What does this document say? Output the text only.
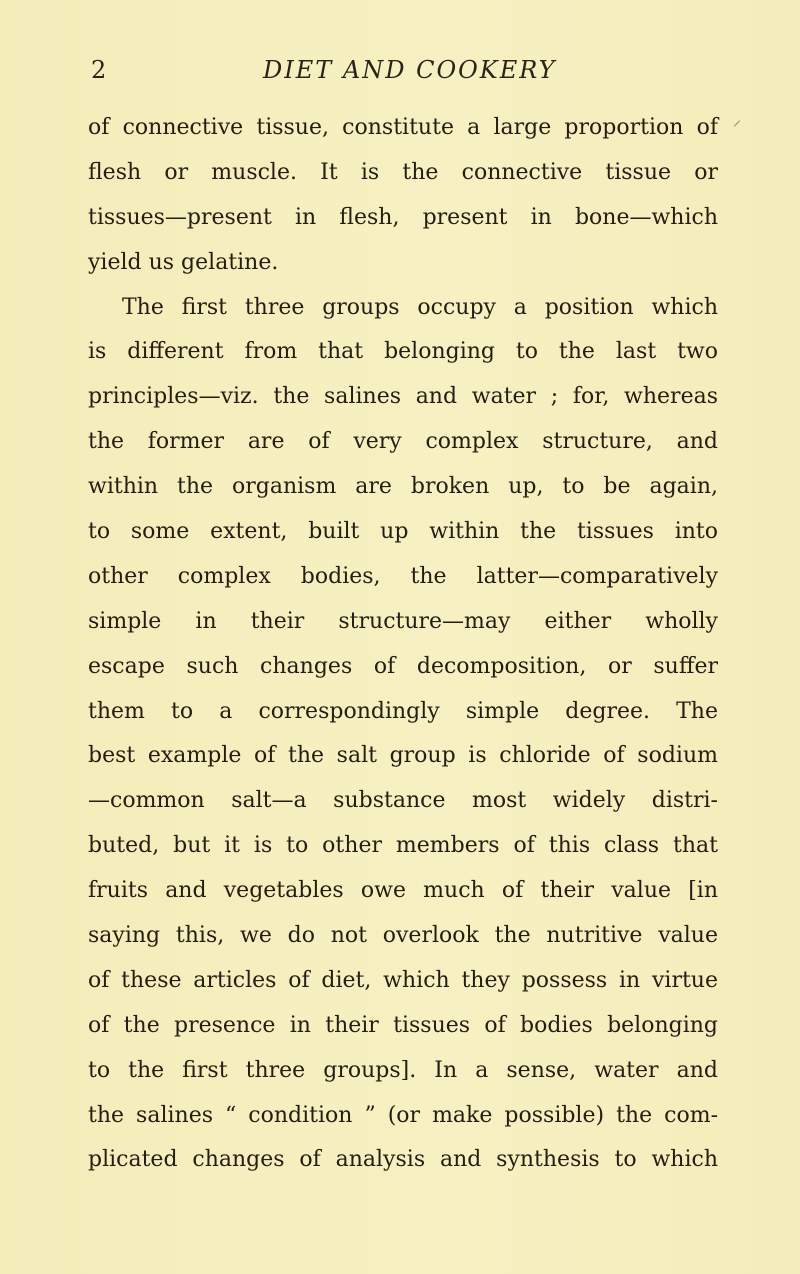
2	DIET AND COOKERY
of connective tissue, constitute a large proportion of
flesh or muscle. It is the connective tissue or
tissues—present in flesh, present in bone—which
yield us gelatine.
The first three groups occupy a position which
is different from that belonging to the last two
principles—viz. the salines and water ; for, whereas
the former are of very complex structure, and
within the organism are broken up, to be again,
to some extent, built up within the tissues into
other complex bodies, the latter—comparatively
simple in their structure—may either wholly
escape such changes of decomposition, or suffer
them to a correspondingly simple degree. The
best example of the salt group is chloride of sodium
—common salt—a substance most widely distri-
buted, but it is to other members of this class that
fruits and vegetables owe much of their value [in
saying this, we do not overlook the nutritive value
of these articles of diet, which they possess in virtue
of the presence in their tissues of bodies belonging
to the first three groups]. In a sense, water and
the salines “ condition ” (or make possible) the com-
plicated changes of analysis and synthesis to which
